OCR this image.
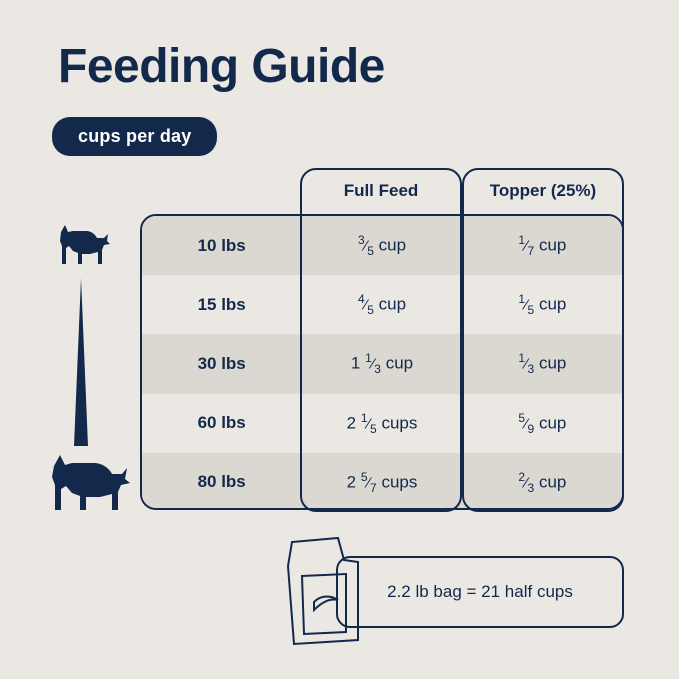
Feeding Guide
cups per day
10 lbs	$^3⁄_5$ cup	$^1⁄_7$ cup
15 lbs	$^4⁄_5$ cup	$^1⁄_5$ cup
30 lbs	1 $^1⁄_3$ cup	$^1⁄_3$ cup
60 lbs	2 $^1⁄_5$ cups	$^5⁄_9$ cup
80 lbs	2 $^5⁄_7$ cups	$^2⁄_3$ cup
Full Feed	Topper (25%)
2.2 lb bag = 21 half cups
